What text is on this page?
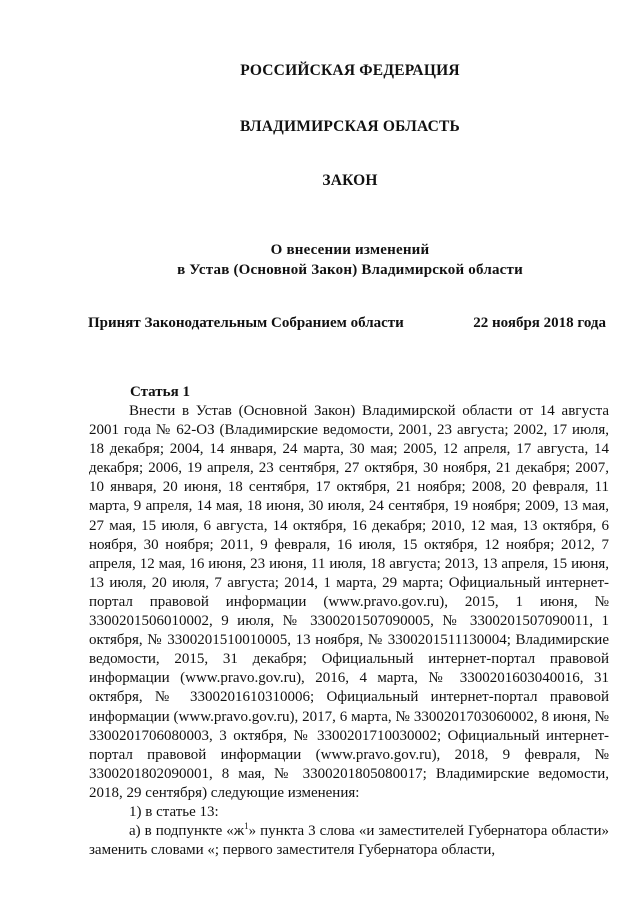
РОССИЙСКАЯ ФЕДЕРАЦИЯ
ВЛАДИМИРСКАЯ ОБЛАСТЬ
ЗАКОН
О внесении изменений
в Устав (Основной Закон) Владимирской области
Принят Законодательным Собранием области	22 ноября 2018 года
Статья 1

Внести в Устав (Основной Закон) Владимирской области от 14 августа 2001 года № 62-ОЗ (Владимирские ведомости, 2001, 23 августа; 2002, 17 июля, 18 декабря; 2004, 14 января, 24 марта, 30 мая; 2005, 12 апреля, 17 августа, 14 декабря; 2006, 19 апреля, 23 сентября, 27 октября, 30 ноября, 21 декабря; 2007, 10 января, 20 июня, 18 сентября, 17 октября, 21 ноября; 2008, 20 февраля, 11 марта, 9 апреля, 14 мая, 18 июня, 30 июля, 24 сентября, 19 ноября; 2009, 13 мая, 27 мая, 15 июля, 6 августа, 14 октября, 16 декабря; 2010, 12 мая, 13 октября, 6 ноября, 30 ноября; 2011, 9 февраля, 16 июля, 15 октября, 12 ноября; 2012, 7 апреля, 12 мая, 16 июня, 23 июня, 11 июля, 18 августа; 2013, 13 апреля, 15 июня, 13 июля, 20 июля, 7 августа; 2014, 1 марта, 29 марта; Официальный интернет-портал правовой информации (www.pravo.gov.ru), 2015, 1 июня, № 3300201506010002, 9 июля, № 3300201507090005, № 3300201507090011, 1 октября, № 3300201510010005, 13 ноября, № 3300201511130004; Владимирские ведомости, 2015, 31 декабря; Официальный интернет-портал правовой информации (www.pravo.gov.ru), 2016, 4 марта, № 3300201603040016, 31 октября, № 3300201610310006; Официальный интернет-портал правовой информации (www.pravo.gov.ru), 2017, 6 марта, № 3300201703060002, 8 июня, № 3300201706080003, 3 октября, № 3300201710030002; Официальный интернет-портал правовой информации (www.pravo.gov.ru), 2018, 9 февраля, № 3300201802090001, 8 мая, № 3300201805080017; Владимирские ведомости, 2018, 29 сентября) следующие изменения:

1) в статье 13:

а) в подпункте «$ж^1$» пункта 3 слова «и заместителей Губернатора области» заменить словами «; первого заместителя Губернатора области,
